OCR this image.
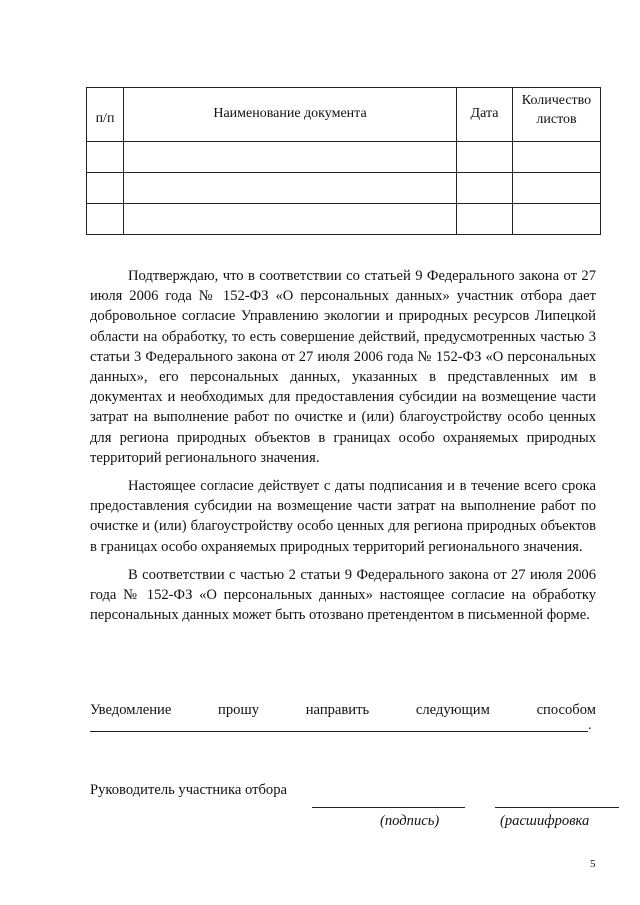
п/п	Наименование документа	Дата	Количество
листов

Подтверждаю, что в соответствии со статьей 9 Федерального закона от 27 июля 2006 года № 152-ФЗ «О персональных данных» участник отбора дает добровольное согласие Управлению экологии и природных ресурсов Липецкой области на обработку, то есть совершение действий, предусмотренных частью 3 статьи 3 Федерального закона от 27 июля 2006 года № 152-ФЗ «О персональных данных», его персональных данных, указанных в представленных им в документах и необходимых для предоставления субсидии на возмещение части затрат на выполнение работ по очистке и (или) благоустройству особо ценных для региона природных объектов в границах особо охраняемых природных территорий регионального значения.

Настоящее согласие действует с даты подписания и в течение всего срока предоставления субсидии на возмещение части затрат на выполнение работ по очистке и (или) благоустройству особо ценных для региона природных объектов в границах особо охраняемых природных территорий регионального значения.

В соответствии с частью 2 статьи 9 Федерального закона от 27 июля 2006 года № 152-ФЗ «О персональных данных» настоящее согласие на обработку персональных данных может быть отозвано претендентом в письменной форме.

Уведомление	прошу	направить	следующим	способом
.
Руководитель участника отбора
(подпись)	(расшифровка
5
